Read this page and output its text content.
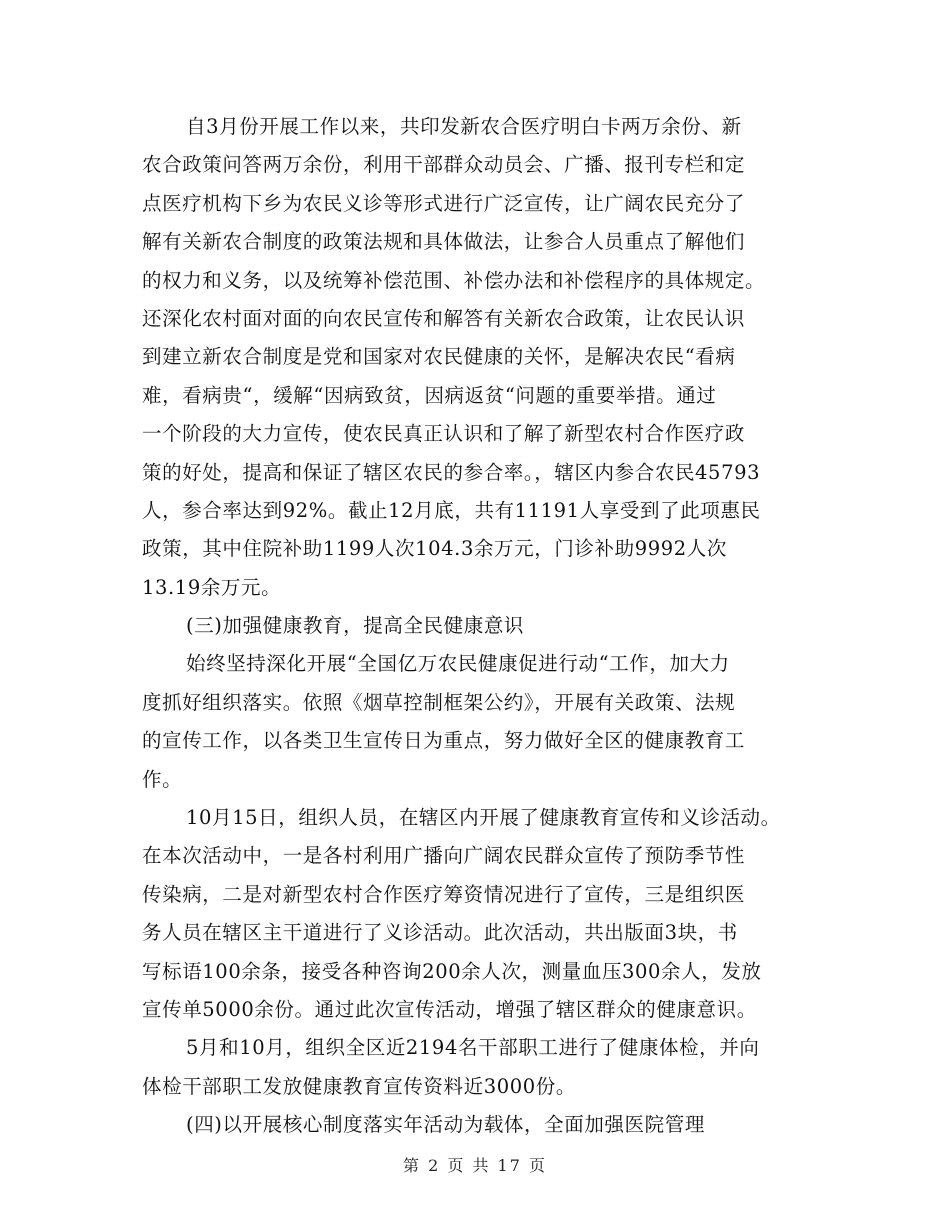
自3月份开展工作以来，共印发新农合医疗明白卡两万余份、新
农合政策问答两万余份，利用干部群众动员会、广播、报刊专栏和定
点医疗机构下乡为农民义诊等形式进行广泛宣传，让广阔农民充分了
解有关新农合制度的政策法规和具体做法，让参合人员重点了解他们
的权力和义务，以及统筹补偿范围、补偿办法和补偿程序的具体规定。
还深化农村面对面的向农民宣传和解答有关新农合政策，让农民认识
到建立新农合制度是党和国家对农民健康的关怀，是解决农民“看病
难，看病贵“，缓解“因病致贫，因病返贫“问题的重要举措。通过
一个阶段的大力宣传，使农民真正认识和了解了新型农村合作医疗政
策的好处，提高和保证了辖区农民的参合率。，辖区内参合农民45793
人，参合率达到92%。截止12月底，共有11191人享受到了此项惠民
政策，其中住院补助1199人次104.3余万元，门诊补助9992人次
13.19余万元。
(三)加强健康教育，提高全民健康意识
始终坚持深化开展“全国亿万农民健康促进行动“工作，加大力
度抓好组织落实。依照《烟草控制框架公约》，开展有关政策、法规
的宣传工作，以各类卫生宣传日为重点，努力做好全区的健康教育工
作。
10月15日，组织人员，在辖区内开展了健康教育宣传和义诊活动。
在本次活动中，一是各村利用广播向广阔农民群众宣传了预防季节性
传染病，二是对新型农村合作医疗筹资情况进行了宣传，三是组织医
务人员在辖区主干道进行了义诊活动。此次活动，共出版面3块，书
写标语100余条，接受各种咨询200余人次，测量血压300余人，发放
宣传单5000余份。通过此次宣传活动，增强了辖区群众的健康意识。
5月和10月，组织全区近2194名干部职工进行了健康体检，并向
体检干部职工发放健康教育宣传资料近3000份。
(四)以开展核心制度落实年活动为载体，全面加强医院管理
第 2 页 共 17 页
